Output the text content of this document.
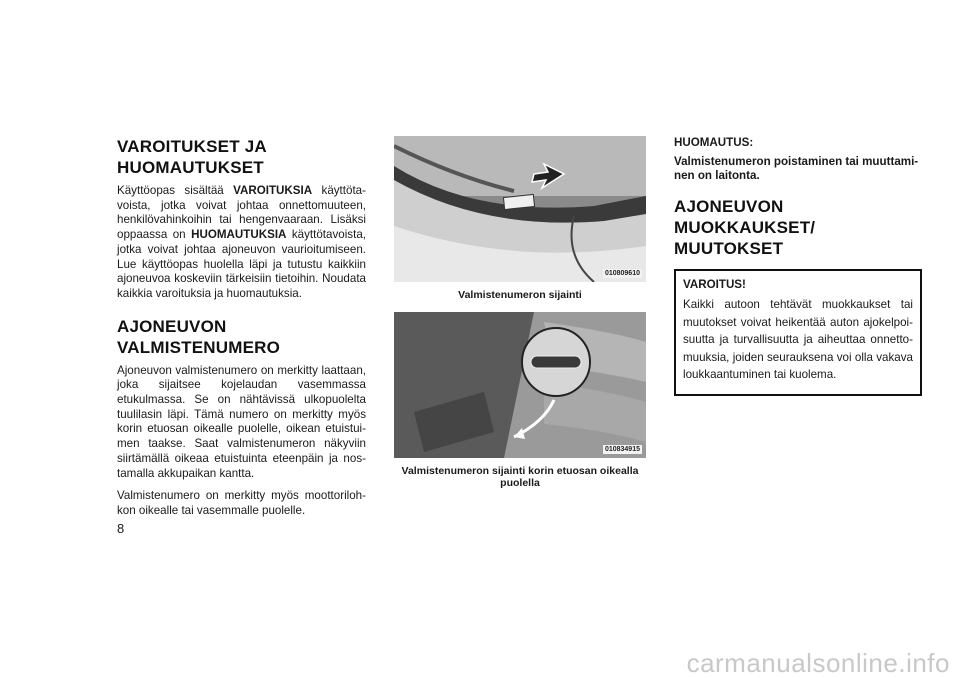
VAROITUKSET JA HUOMAUTUKSET

Käyttöopas sisältää VAROITUKSIA käyttötavoista, jotka voivat johtaa onnettomuuteen, henkilövahinkoihin tai hengenvaaraan. Lisäksi oppaassa on HUOMAUTUKSIA käyttötavoista, jotka voivat johtaa ajoneuvon vaurioitumiseen. Lue käyttöopas huolella läpi ja tutustu kaikkiin ajoneuvoa koskeviin tärkeisiin tietoihin. Noudata kaikkia varoituksia ja huomautuksia.

AJONEUVON VALMISTENUMERO

Ajoneuvon valmistenumero on merkitty laattaan, joka sijaitsee kojelaudan vasemmassa etukulmassa. Se on nähtävissä ulkopuolelta tuulilasin läpi. Tämä numero on merkitty myös korin etuosan oikealle puolelle, oikean etuistuimen taakse. Saat valmistenumeron näkyviin siirtämällä oikeaa etuistuinta eteenpäin ja nostamalla akkupaikan kantta.

Valmistenumero on merkitty myös moottorilohkon oikealle tai vasemmalle puolelle.

010809610

Valmistenumeron sijainti

010834915

Valmistenumeron sijainti korin etuosan oikealla puolella

HUOMAUTUS:

Valmistenumeron poistaminen tai muuttaminen on laitonta.

AJONEUVON MUOKKAUKSET/ MUUTOKSET

VAROITUS!

Kaikki autoon tehtävät muokkaukset tai muutokset voivat heikentää auton ajokelpoisuutta ja turvallisuutta ja aiheuttaa onnettomuuksia, joiden seurauksena voi olla vakava loukkaantuminen tai kuolema.

8
carmanualsonline.info
